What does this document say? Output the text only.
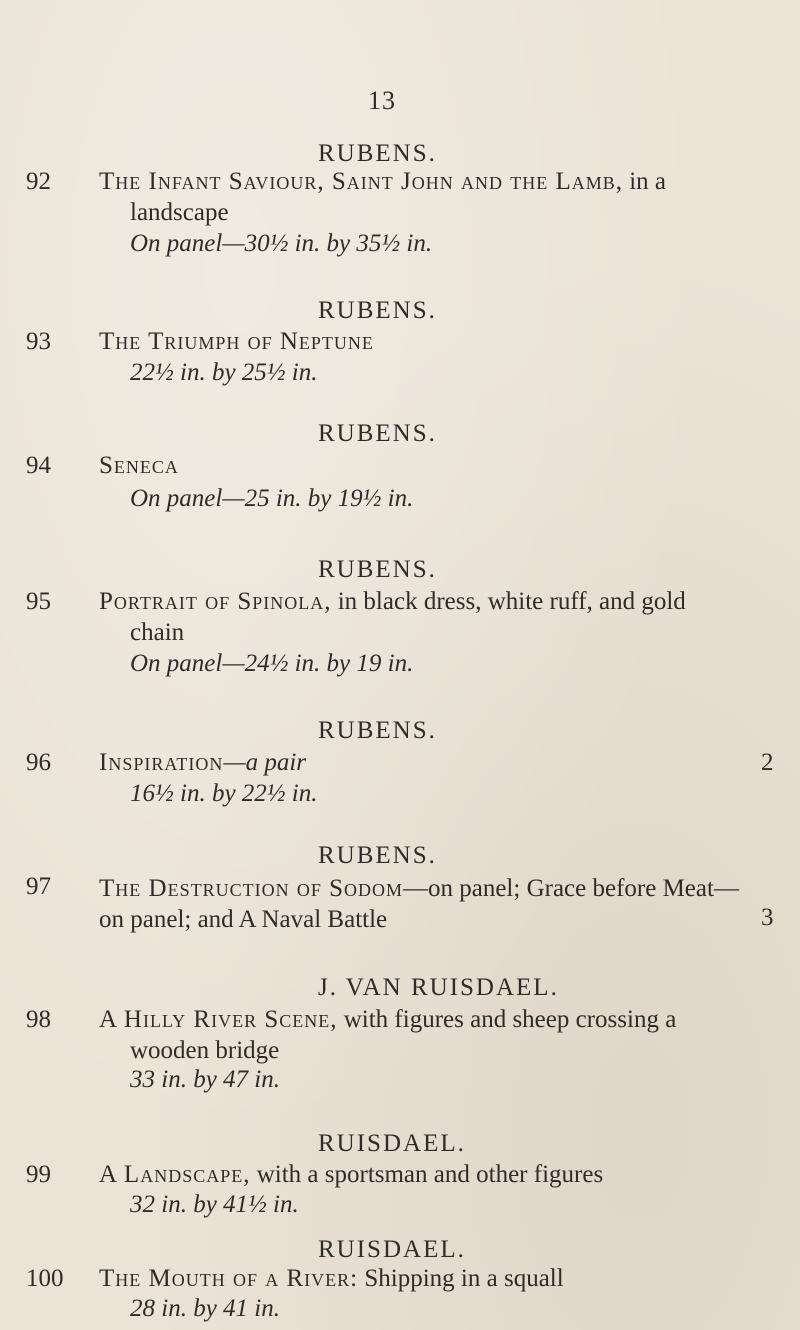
13
RUBENS.
92	The Infant Saviour, Saint John and the Lamb, in a
landscape
On panel—30½ in. by 35½ in.
RUBENS.
93	The Triumph of Neptune
22½ in. by 25½ in.
RUBENS.
94	Seneca
On panel—25 in. by 19½ in.
RUBENS.
95	Portrait of Spinola, in black dress, white ruff, and gold
chain
On panel—24½ in. by 19 in.
RUBENS.
96	Inspiration—a pair	2
16½ in. by 22½ in.
RUBENS.
97	The Destruction of Sodom—on panel; Grace before Meat—on panel; and A Naval Battle	3
J. VAN RUISDAEL.
98	A Hilly River Scene, with figures and sheep crossing a
wooden bridge
33 in. by 47 in.
RUISDAEL.
99	A Landscape, with a sportsman and other figures
32 in. by 41½ in.
RUISDAEL.
100	The Mouth of a River: Shipping in a squall
28 in. by 41 in.
